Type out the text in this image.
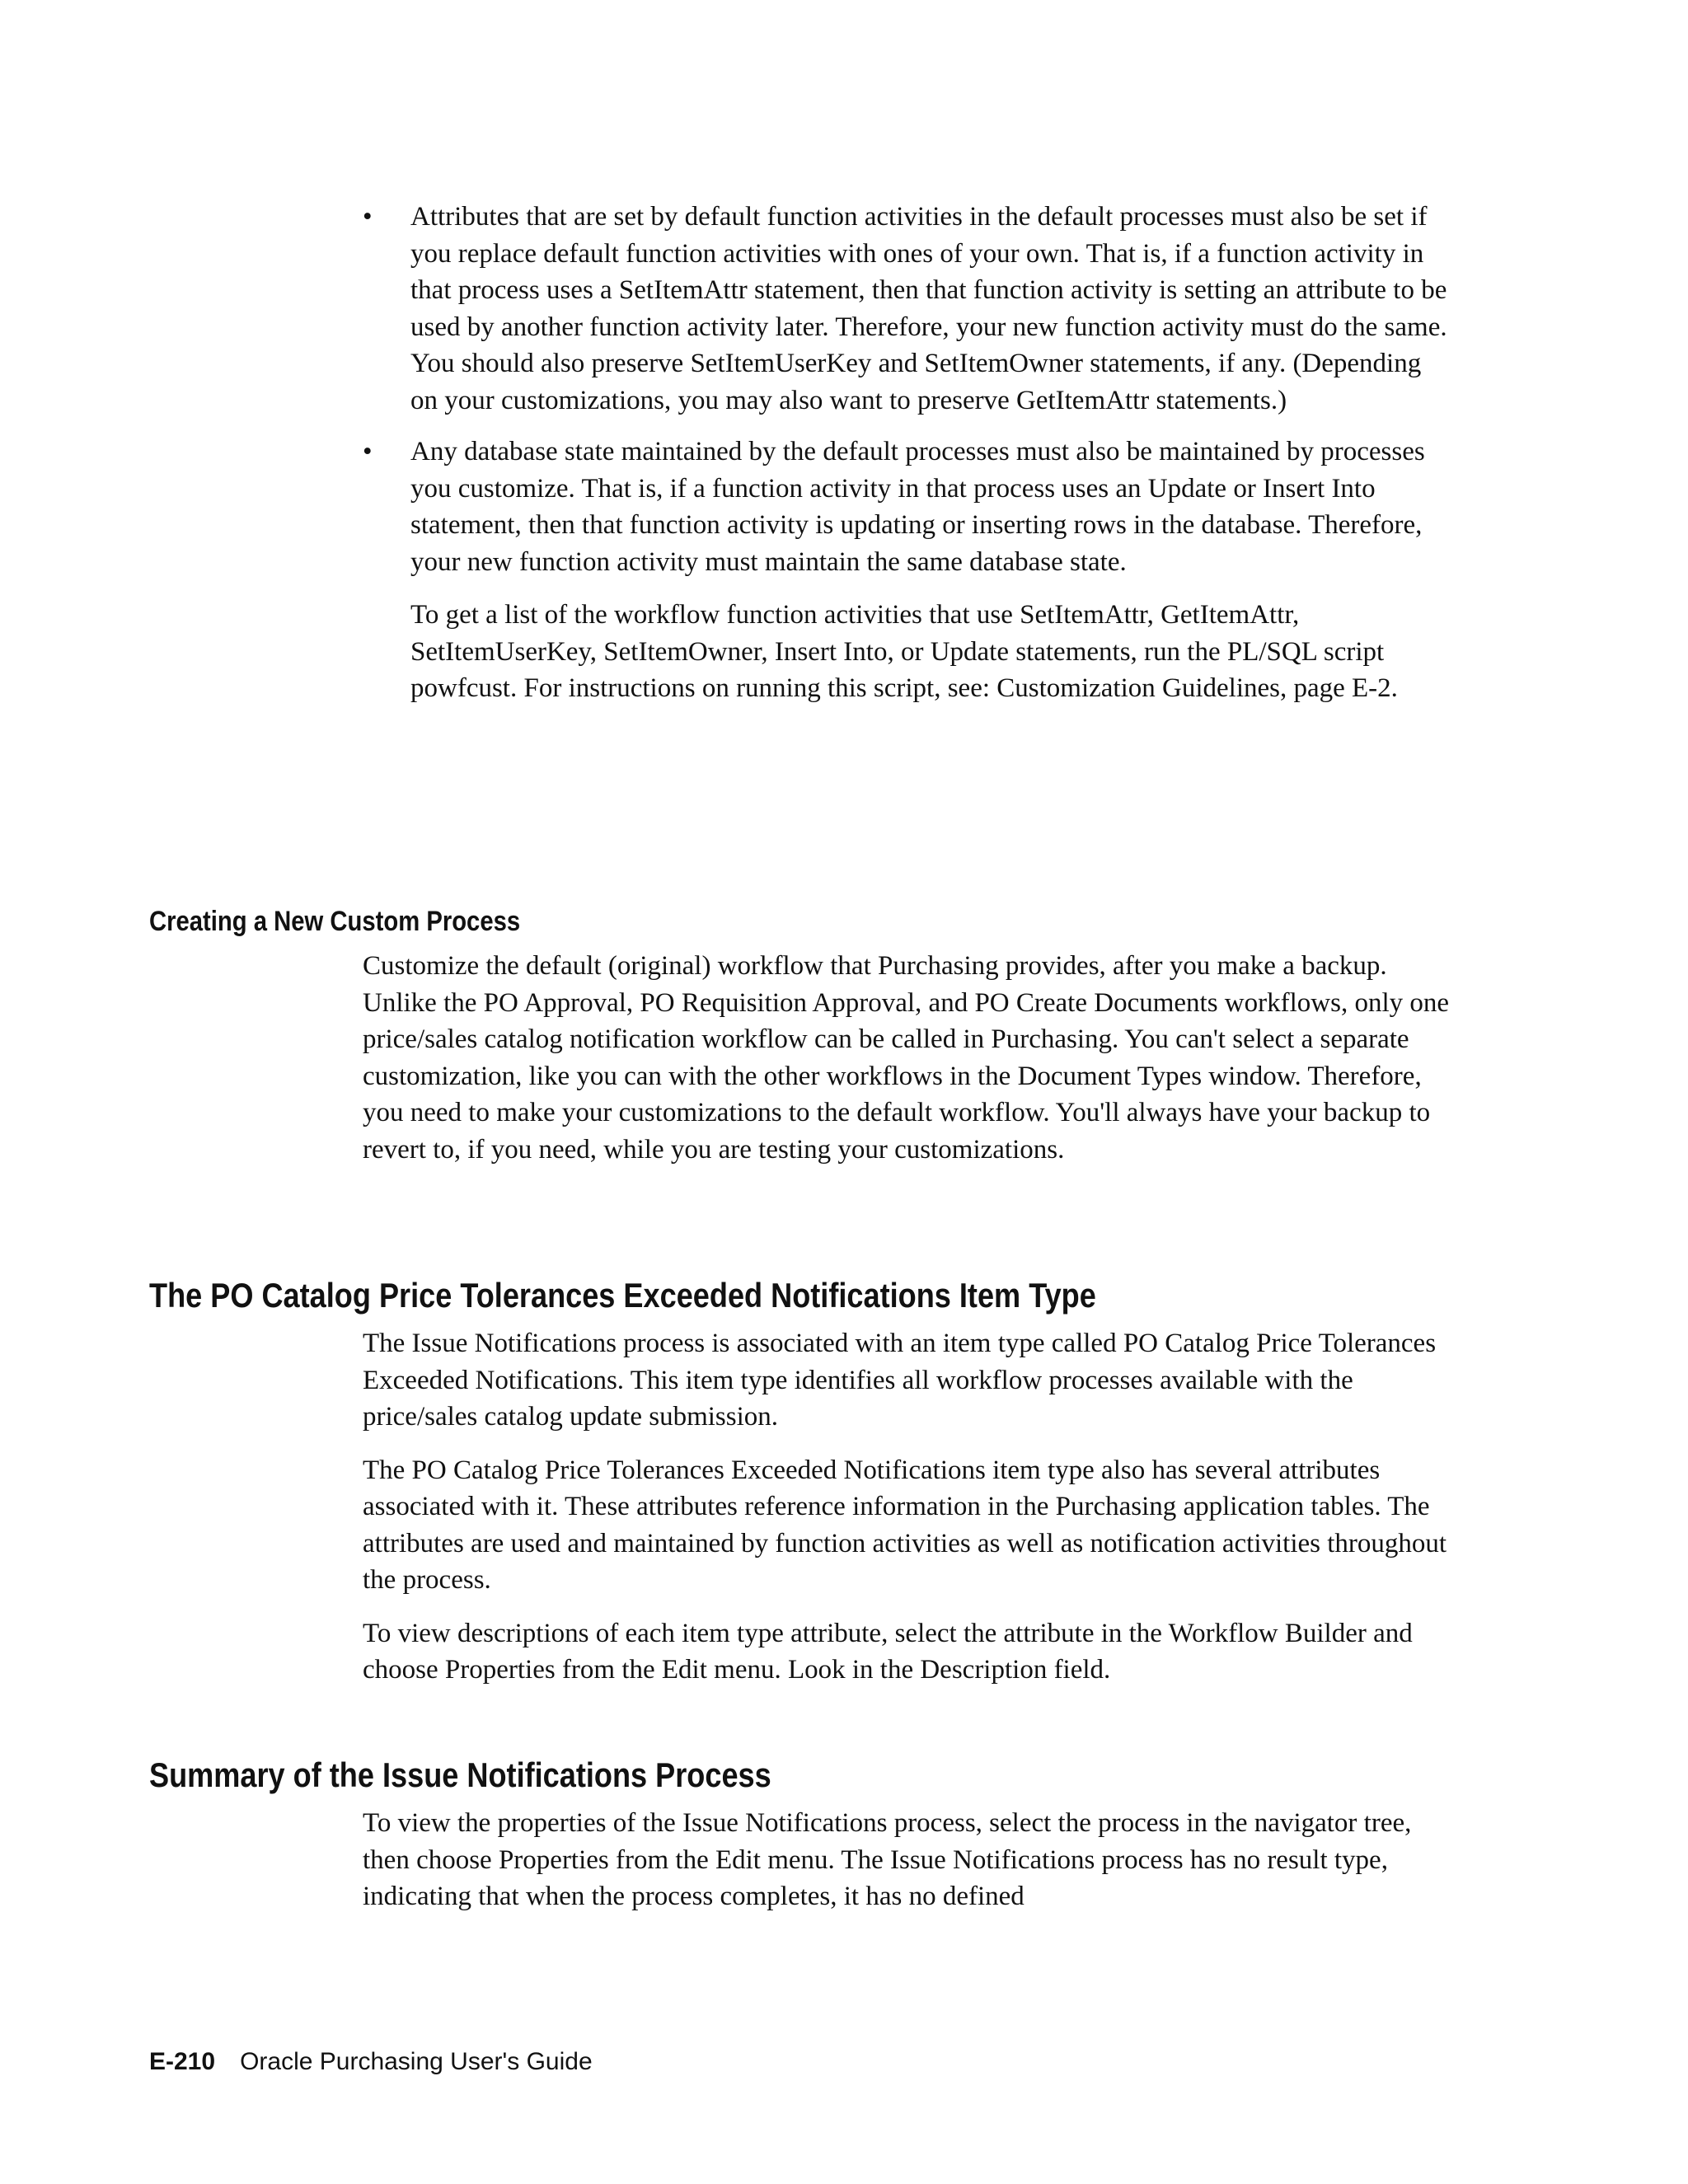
• Attributes that are set by default function activities in the default processes must also be set if you replace default function activities with ones of your own. That is, if a function activity in that process uses a SetItemAttr statement, then that function activity is setting an attribute to be used by another function activity later. Therefore, your new function activity must do the same. You should also preserve SetItemUserKey and SetItemOwner statements, if any. (Depending on your customizations, you may also want to preserve GetItemAttr statements.)

• Any database state maintained by the default processes must also be maintained by processes you customize. That is, if a function activity in that process uses an Update or Insert Into statement, then that function activity is updating or inserting rows in the database. Therefore, your new function activity must maintain the same database state.

To get a list of the workflow function activities that use SetItemAttr, GetItemAttr, SetItemUserKey, SetItemOwner, Insert Into, or Update statements, run the PL/SQL script powfcust. For instructions on running this script, see: Customization Guidelines, page E-2.

Creating a New Custom Process

Customize the default (original) workflow that Purchasing provides, after you make a backup. Unlike the PO Approval, PO Requisition Approval, and PO Create Documents workflows, only one price/sales catalog notification workflow can be called in Purchasing. You can't select a separate customization, like you can with the other workflows in the Document Types window. Therefore, you need to make your customizations to the default workflow. You'll always have your backup to revert to, if you need, while you are testing your customizations.

The PO Catalog Price Tolerances Exceeded Notifications Item Type

The Issue Notifications process is associated with an item type called PO Catalog Price Tolerances Exceeded Notifications. This item type identifies all workflow processes available with the price/sales catalog update submission.

The PO Catalog Price Tolerances Exceeded Notifications item type also has several attributes associated with it. These attributes reference information in the Purchasing application tables. The attributes are used and maintained by function activities as well as notification activities throughout the process.

To view descriptions of each item type attribute, select the attribute in the Workflow Builder and choose Properties from the Edit menu. Look in the Description field.

Summary of the Issue Notifications Process

To view the properties of the Issue Notifications process, select the process in the navigator tree, then choose Properties from the Edit menu. The Issue Notifications process has no result type, indicating that when the process completes, it has no defined

E-210 Oracle Purchasing User's Guide
